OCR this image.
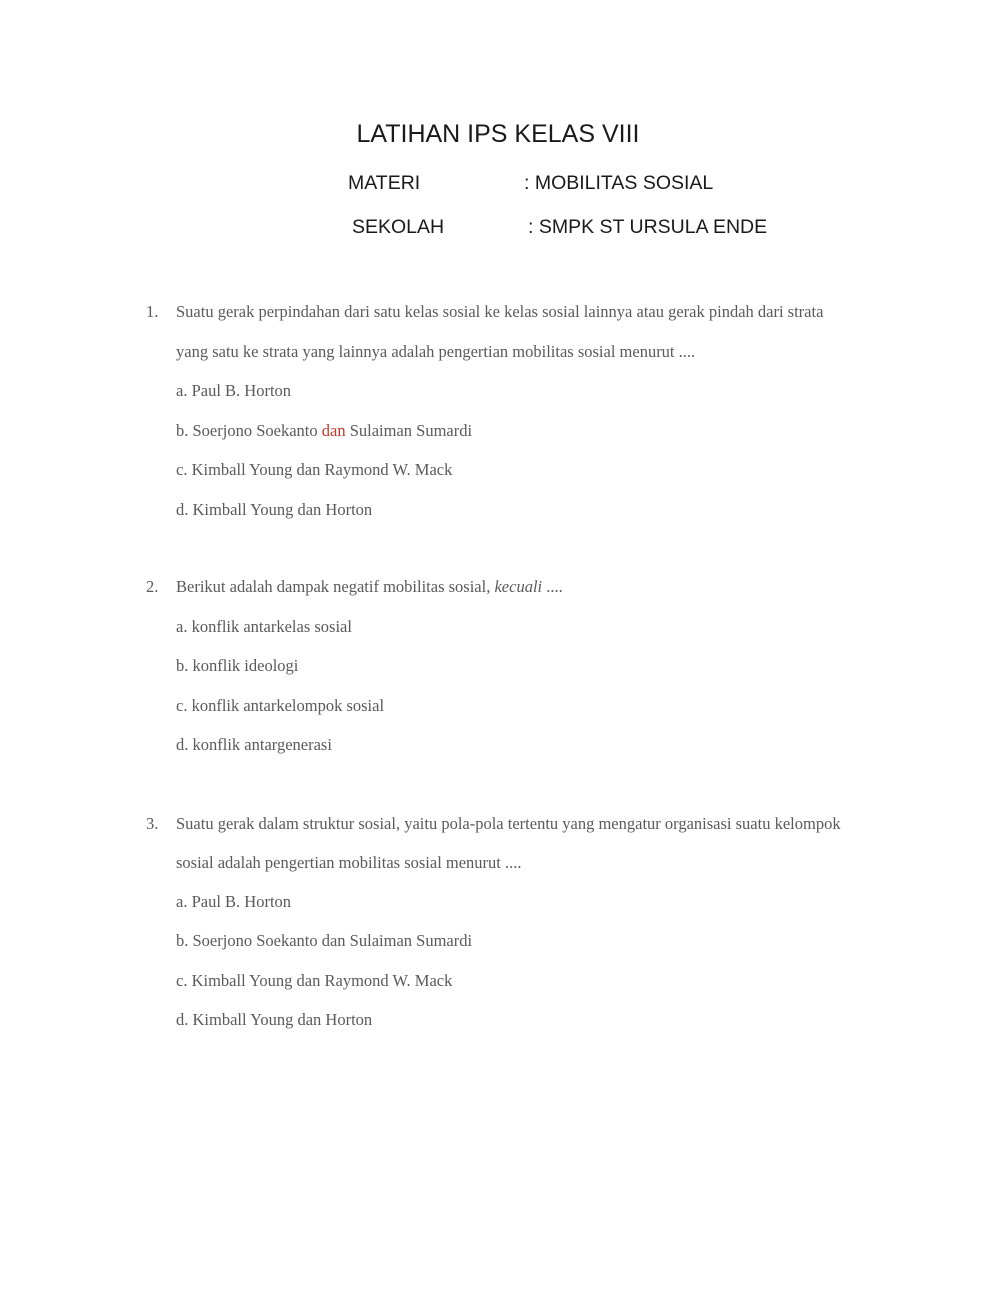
LATIHAN IPS KELAS VIII
MATERI	: MOBILITAS SOSIAL
SEKOLAH	: SMPK ST URSULA ENDE
1. Suatu gerak perpindahan dari satu kelas sosial ke kelas sosial lainnya atau gerak pindah dari strata
yang satu ke strata yang lainnya adalah pengertian mobilitas sosial menurut ....
a. Paul B. Horton
b. Soerjono Soekanto dan Sulaiman Sumardi
c. Kimball Young dan Raymond W. Mack
d. Kimball Young dan Horton
2. Berikut adalah dampak negatif mobilitas sosial, kecuali ....
a. konflik antarkelas sosial
b. konflik ideologi
c. konflik antarkelompok sosial
d. konflik antargenerasi
3. Suatu gerak dalam struktur sosial, yaitu pola-pola tertentu yang mengatur organisasi suatu kelompok
sosial adalah pengertian mobilitas sosial menurut ....
a. Paul B. Horton
b. Soerjono Soekanto dan Sulaiman Sumardi
c. Kimball Young dan Raymond W. Mack
d. Kimball Young dan Horton
